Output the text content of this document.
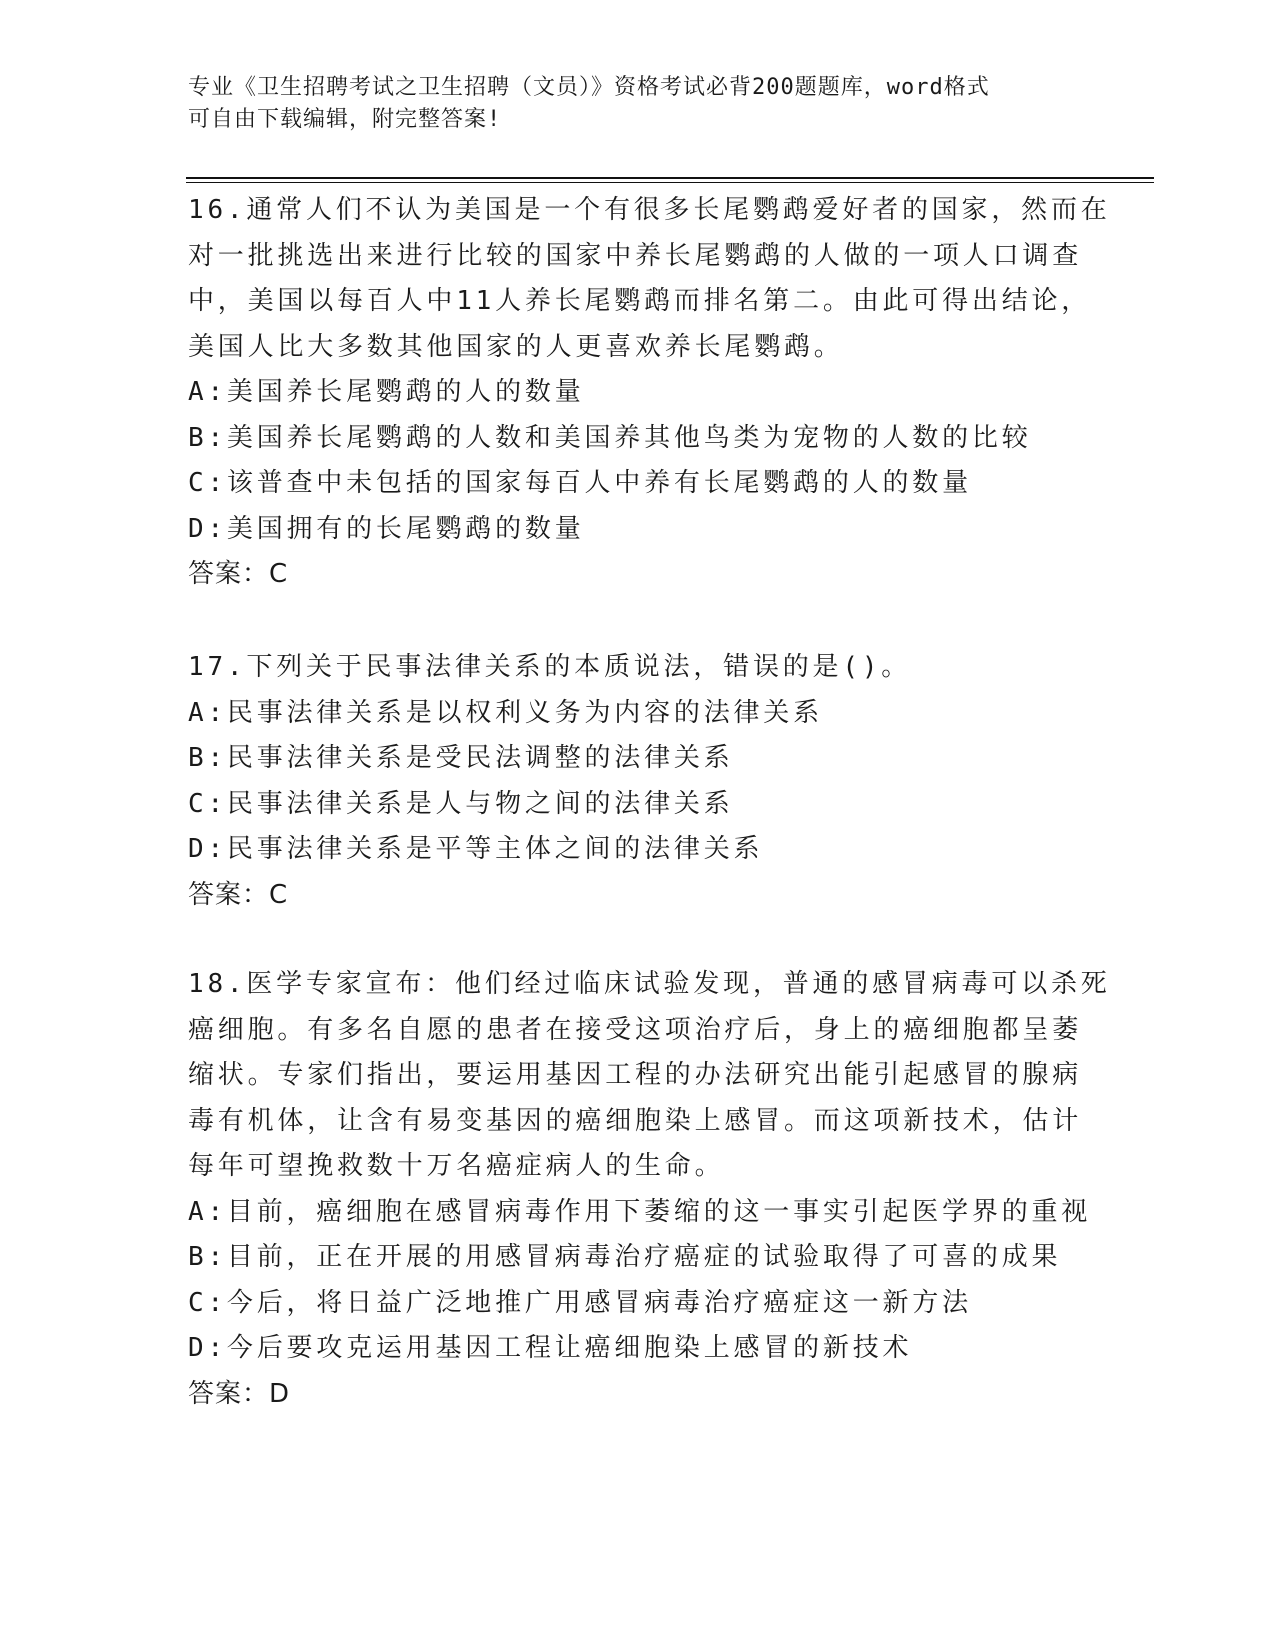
专业《卫生招聘考试之卫生招聘（文员）》资格考试必背200题题库，word格式
可自由下载编辑，附完整答案!
16.通常人们不认为美国是一个有很多长尾鹦鹉爱好者的国家，然而在
对一批挑选出来进行比较的国家中养长尾鹦鹉的人做的一项人口调查
中，美国以每百人中11人养长尾鹦鹉而排名第二。由此可得出结论，
美国人比大多数其他国家的人更喜欢养长尾鹦鹉。
A:美国养长尾鹦鹉的人的数量
B:美国养长尾鹦鹉的人数和美国养其他鸟类为宠物的人数的比较
C:该普查中未包括的国家每百人中养有长尾鹦鹉的人的数量
D:美国拥有的长尾鹦鹉的数量
答案：C
17.下列关于民事法律关系的本质说法，错误的是()。
A:民事法律关系是以权利义务为内容的法律关系
B:民事法律关系是受民法调整的法律关系
C:民事法律关系是人与物之间的法律关系
D:民事法律关系是平等主体之间的法律关系
答案：C
18.医学专家宣布：他们经过临床试验发现，普通的感冒病毒可以杀死
癌细胞。有多名自愿的患者在接受这项治疗后，身上的癌细胞都呈萎
缩状。专家们指出，要运用基因工程的办法研究出能引起感冒的腺病
毒有机体，让含有易变基因的癌细胞染上感冒。而这项新技术，估计
每年可望挽救数十万名癌症病人的生命。
A:目前，癌细胞在感冒病毒作用下萎缩的这一事实引起医学界的重视
B:目前，正在开展的用感冒病毒治疗癌症的试验取得了可喜的成果
C:今后，将日益广泛地推广用感冒病毒治疗癌症这一新方法
D:今后要攻克运用基因工程让癌细胞染上感冒的新技术
答案：D
